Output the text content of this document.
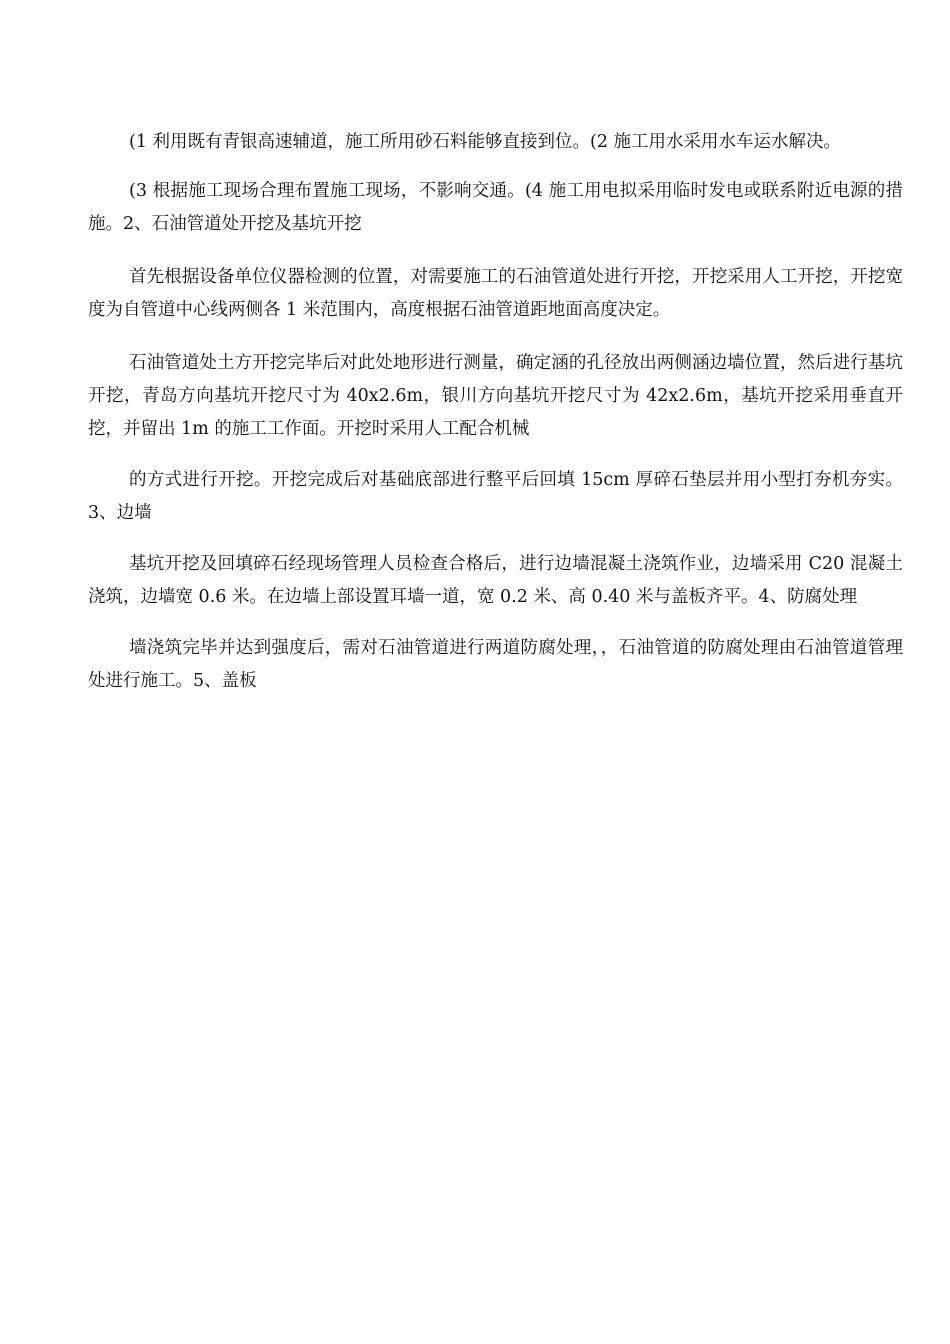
(1 利用既有青银高速辅道，施工所用砂石料能够直接到位。(2 施工用水采用水车运水解决。

(3 根据施工现场合理布置施工现场，不影响交通。(4 施工用电拟采用临时发电或联系附近电源的措施。2、石油管道处开挖及基坑开挖

首先根据设备单位仪器检测的位置，对需要施工的石油管道处进行开挖，开挖采用人工开挖，开挖宽度为自管道中心线两侧各 1 米范围内，高度根据石油管道距地面高度决定。

石油管道处土方开挖完毕后对此处地形进行测量，确定涵的孔径放出两侧涵边墙位置，然后进行基坑开挖，青岛方向基坑开挖尺寸为 40x2.6m，银川方向基坑开挖尺寸为 42x2.6m，基坑开挖采用垂直开挖，并留出 1m 的施工工作面。开挖时采用人工配合机械

的方式进行开挖。开挖完成后对基础底部进行整平后回填 15cm 厚碎石垫层并用小型打夯机夯实。3、边墙

基坑开挖及回填碎石经现场管理人员检查合格后，进行边墙混凝土浇筑作业，边墙采用 C20 混凝土浇筑，边墙宽 0.6 米。在边墙上部设置耳墙一道，宽 0.2 米、高 0.40 米与盖板齐平。4、防腐处理

墙浇筑完毕并达到强度后，需对石油管道进行两道防腐处理，，石油管道的防腐处理由石油管道管理处进行施工。5、盖板
